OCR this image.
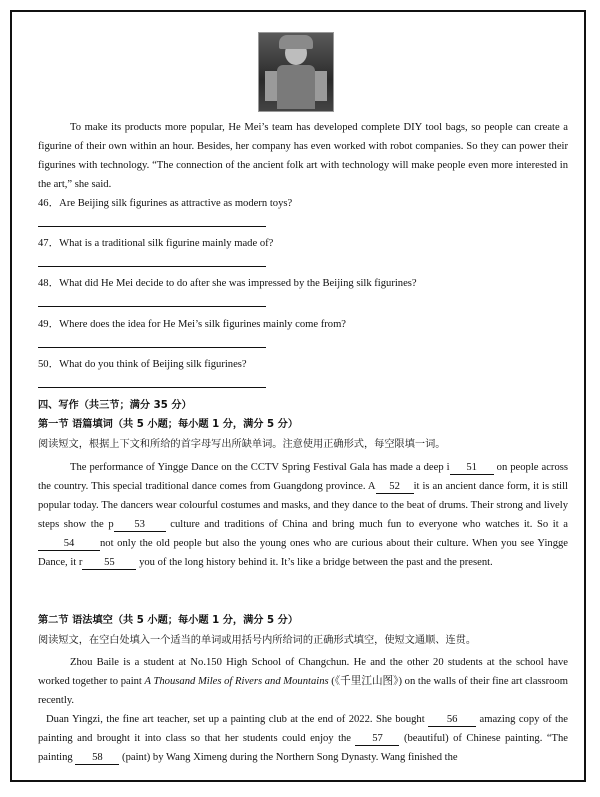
To make its products more popular, He Mei’s team has developed complete DIY tool bags, so people can create a figurine of their own within an hour. Besides, her company has even worked with robot companies. So they can power their figurines with technology. “The connection of the ancient folk art with technology will make people even more interested in the art,” she said.
46．Are Beijing silk figurines as attractive as modern toys?
47．What is a traditional silk figurine mainly made of?
48．What did He Mei decide to do after she was impressed by the Beijing silk figurines?
49．Where does the idea for He Mei’s silk figurines mainly come from?
50．What do you think of Beijing silk figurines?
四、写作（共三节；满分 35 分）
第一节 语篇填词（共 5 小题；每小题 1 分，满分 5 分）
阅读短文，根据上下文和所给的首字母写出所缺单词。注意使用正确形式，每空限填一词。
The performance of Yingge Dance on the CCTV Spring Festival Gala has made a deep i 51 on people across the country. This special traditional dance comes from Guangdong province. A 52 it is an ancient dance form, it is still popular today. The dancers wear colourful costumes and masks, and they dance to the beat of drums. Their strong and lively steps show the p 53 culture and traditions of China and bring much fun to everyone who watches it. So it a54 not only the old people but also the young ones who are curious about their culture. When you see Yingge Dance, it r 55 you of the long history behind it. It’s like a bridge between the past and the present.
第二节 语法填空（共 5 小题；每小题 1 分，满分 5 分）
阅读短文，在空白处填入一个适当的单词或用括号内所给词的正确形式填空，使短文通顺、连贯。
Zhou Baile is a student at No.150 High School of Changchun. He and the other 20 students at the school have worked together to paint A Thousand Miles of Rivers and Mountains (《千里江山图》) on the walls of their fine art classroom recently.
Duan Yingzi, the fine art teacher, set up a painting club at the end of 2022. She bought 56 amazing copy of the painting and brought it into class so that her students could enjoy the 57 (beautiful) of Chinese painting. “The painting 58 (paint) by Wang Ximeng during the Northern Song Dynasty. Wang finished the
